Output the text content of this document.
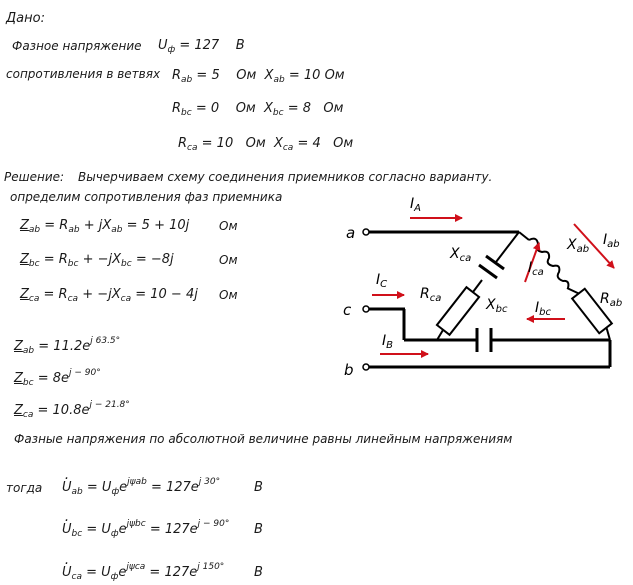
Дано:
Фазное напряжение $U_ф = 127$ В
сопротивления в ветвях $R_{ab} = 5$ Ом  $X_{ab} = 10$ Ом
$R_{bc} = 0$ Ом  $X_{bc} = 8$ Ом
$R_{ca} = 10$ Ом  $X_{ca} = 4$ Ом
Решение: Вычерчиваем схему соединения приемников согласно варианту.
определим сопротивления фаз приемника
$Z_{ab} = R_{ab} + jX_{ab} = 5 + 10j$ Ом
$Z_{bc} = R_{bc} + -jX_{bc} = -8j$	Ом
$Z_{ca} = R_{ca} + -jX_{ca} = 10 - 4j$ Ом
$Z_{ab} = 11.2e^{j 63.5^\circ}$
$Z_{bc} = 8e^{j - 90^\circ}$
$Z_{ca} = 10.8e^{j - 21.8^\circ}$
Фазные напряжения по абсолютной величине равны линейным напряжениям
тогда
· $U_{ab} = U_фe^{j\psi ab} = 127e^{j 30^\circ}$	В
· $U_{bc} = U_фe^{j\psi bc} = 127e^{j - 90^\circ}$ В
· $U_{ca} = U_фe^{j\psi ca} = 127e^{j 150^\circ}$ В
a
c
b
$I_A$
$I_C$
$I_B$
$I_{ab}$
$I_{bc}$
$I_{ca}$
$X_{ca}$
$X_{ab}$
$X_{bc}$
$R_{ca}$	$R_{ab}$
